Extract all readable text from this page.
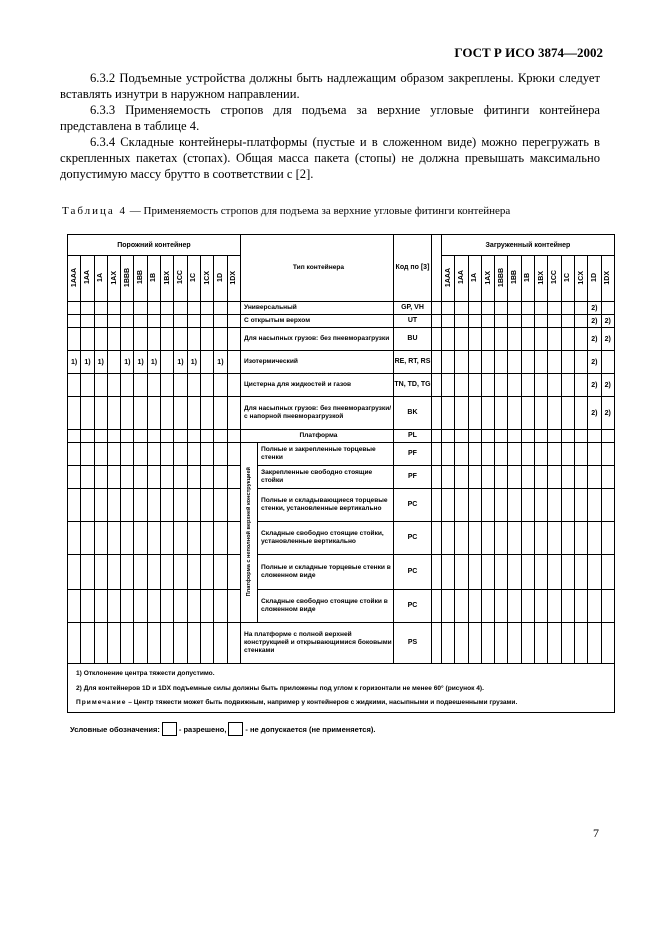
ГОСТ Р ИСО 3874—2002

6.3.2 Подъемные устройства должны быть надлежащим образом закреплены. Крюки следует вставлять изнутри в наружном направлении.

6.3.3 Применяемость стропов для подъема за верхние угловые фитинги контейнера представлена в таблице 4.

6.3.4 Складные контейнеры-платформы (пустые и в сложенном виде) можно перегружать в скрепленных пакетах (стопах). Общая масса пакета (стопы) не должна превышать максимально допустимую массу брутто в соответствии с [2].

Таблица 4 — Применяемость стропов для подъема за верхние угловые фитинги контейнера
Порожний контейнер													Тип контейнера		Код по [3]		Загруженный контейнер												
1AAA	1AA	1A	1AX	1BBB	1BB	1B	1BX	1CC	1C	1CX	1D	1DX					1AAA	1AA	1A	1AX	1BBB	1BB	1B	1BX	1CC	1C	1CX	1D	1DX
													Универсальный		GP, VH													2)	
													С открытым верхом		UT													2)	2)
													Для насыпных грузов: без пневморазгрузки		BU													2)	2)
1)	1)	1)		1)	1)	1)		1)	1)		1)		Изотермический		RE, RT, RS													2)	
													Цистерна для жидкостей и газов		TN, TD, TG													2)	2)
													Для насыпных грузов: без пневморазгрузки/ с напорной пневморазгрузкой		BK													2)	2)
													Платформа		PL														
													Платформа с неполной верхней конструкцией	Полные и закрепленные торцевые стенки	PF														
														Закрепленные свободно стоящие стойки	PF														
														Полные и складывающиеся торцевые стенки, установленные вертикально	PC														
														Складные свободно стоящие стойки, установленные вертикально	PC														
														Полные и складные торцевые стенки в сложенном виде	PC														
														Складные свободно стоящие стойки в сложенном виде	PC														
													На платформе с полной верхней конструкцией и открывающимися боковыми стенками		PS														

1) Отклонение центра тяжести допустимо.
2) Для контейнеров 1D и 1DX подъемные силы должны быть приложены под углом к горизонтали не менее 60° (рисунок 4).
Примечание – Центр тяжести может быть подвижным, например у контейнеров с жидкими, насыпными и подвешенными грузами.																													
Условные обозначения:	- разрешено,	- не допускается (не применяется).
7
